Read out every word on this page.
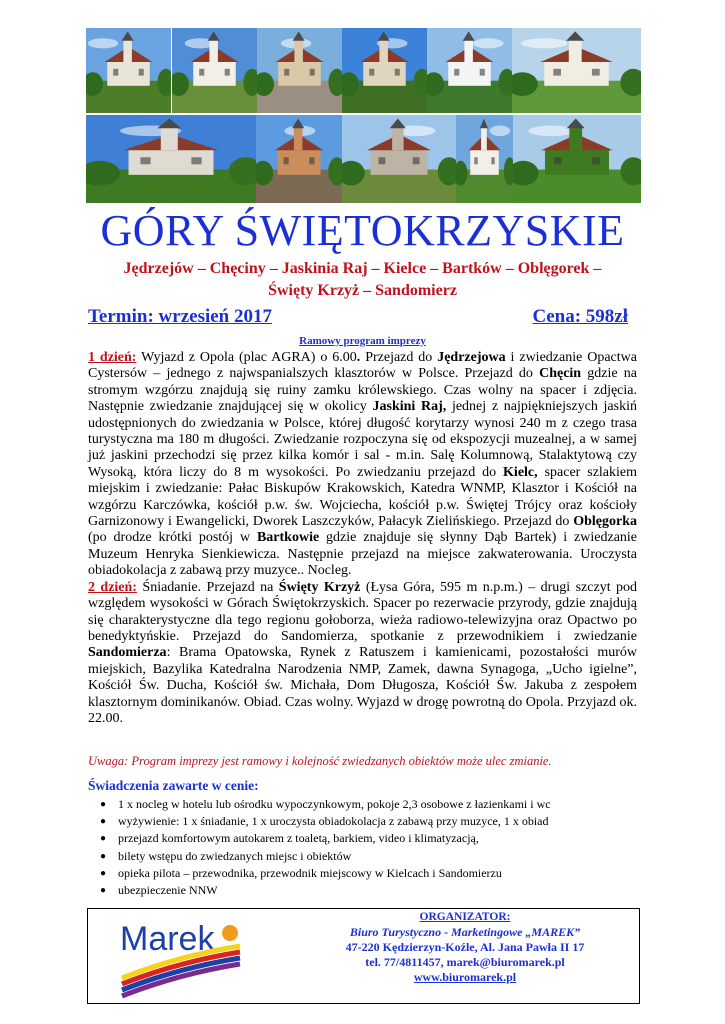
GÓRY ŚWIĘTOKRZYSKIE
Jędrzejów – Chęciny – Jaskinia Raj – Kielce – Bartków – Oblęgorek –
Święty Krzyż – Sandomierz
Termin: wrzesień 2017	Cena: 598zł
Ramowy program imprezy

1 dzień: Wyjazd z Opola (plac AGRA) o 6.00. Przejazd do Jędrzejowa i zwiedzanie Opactwa Cystersów – jednego z najwspanialszych klasztorów w Polsce. Przejazd do Chęcin gdzie na stromym wzgórzu znajdują się ruiny zamku królewskiego. Czas wolny na spacer i zdjęcia. Następnie zwiedzanie znajdującej się w okolicy Jaskini Raj, jednej z najpiękniejszych jaskiń udostępnionych do zwiedzania w Polsce, której długość korytarzy wynosi 240 m z czego trasa turystyczna ma 180 m długości. Zwiedzanie rozpoczyna się od ekspozycji muzealnej, a w samej już jaskini przechodzi się przez kilka komór i sal - m.in. Salę Kolumnową, Stalaktytową czy Wysoką, która liczy do 8 m wysokości. Po zwiedzaniu przejazd do Kielc, spacer szlakiem miejskim i zwiedzanie: Pałac Biskupów Krakowskich, Katedra WNMP, Klasztor i Kościół na wzgórzu Karczówka, kościół p.w. św. Wojciecha, kościół p.w. Świętej Trójcy oraz kościoły Garnizonowy i Ewangelicki, Dworek Laszczyków, Pałacyk Zielińskiego. Przejazd do Oblęgorka (po drodze krótki postój w Bartkowie gdzie znajduje się słynny Dąb Bartek) i zwiedzanie Muzeum Henryka Sienkiewicza. Następnie przejazd na miejsce zakwaterowania. Uroczysta obiadokolacja z zabawą przy muzyce.. Nocleg.

2 dzień: Śniadanie. Przejazd na Święty Krzyż (Łysa Góra, 595 m n.p.m.) – drugi szczyt pod względem wysokości w Górach Świętokrzyskich. Spacer po rezerwacie przyrody, gdzie znajdują się charakterystyczne dla tego regionu gołoborza, wieża radiowo-telewizyjna oraz Opactwo po benedyktyńskie. Przejazd do Sandomierza, spotkanie z przewodnikiem i zwiedzanie Sandomierza: Brama Opatowska, Rynek z Ratuszem i kamienicami, pozostałości murów miejskich, Bazylika Katedralna Narodzenia NMP, Zamek, dawna Synagoga, „Ucho igielne”, Kościół Św. Ducha, Kościół św. Michała, Dom Długosza, Kościół Św. Jakuba z zespołem klasztornym dominikanów. Obiad. Czas wolny. Wyjazd w drogę powrotną do Opola. Przyjazd ok. 22.00.

Uwaga: Program imprezy jest ramowy i kolejność zwiedzanych obiektów może ulec zmianie.
Świadczenia zawarte w cenie:
● 1 x nocleg w hotelu lub ośrodku wypoczynkowym, pokoje 2,3 osobowe z łazienkami i wc
● wyżywienie: 1 x śniadanie, 1 x uroczysta obiadokolacja z zabawą przy muzyce, 1 x obiad
● przejazd komfortowym autokarem z toaletą, barkiem, video i klimatyzacją,
● bilety wstępu do zwiedzanych miejsc i obiektów
● opieka pilota – przewodnika, przewodnik miejscowy w Kielcach i Sandomierzu
● ubezpieczenie NNW
Marek
ORGANIZATOR:
Biuro Turystyczno - Marketingowe „MAREK”
47-220 Kędzierzyn-Koźle, Al. Jana Pawła II 17
tel. 77/4811457, marek@biuromarek.pl
www.biuromarek.pl
